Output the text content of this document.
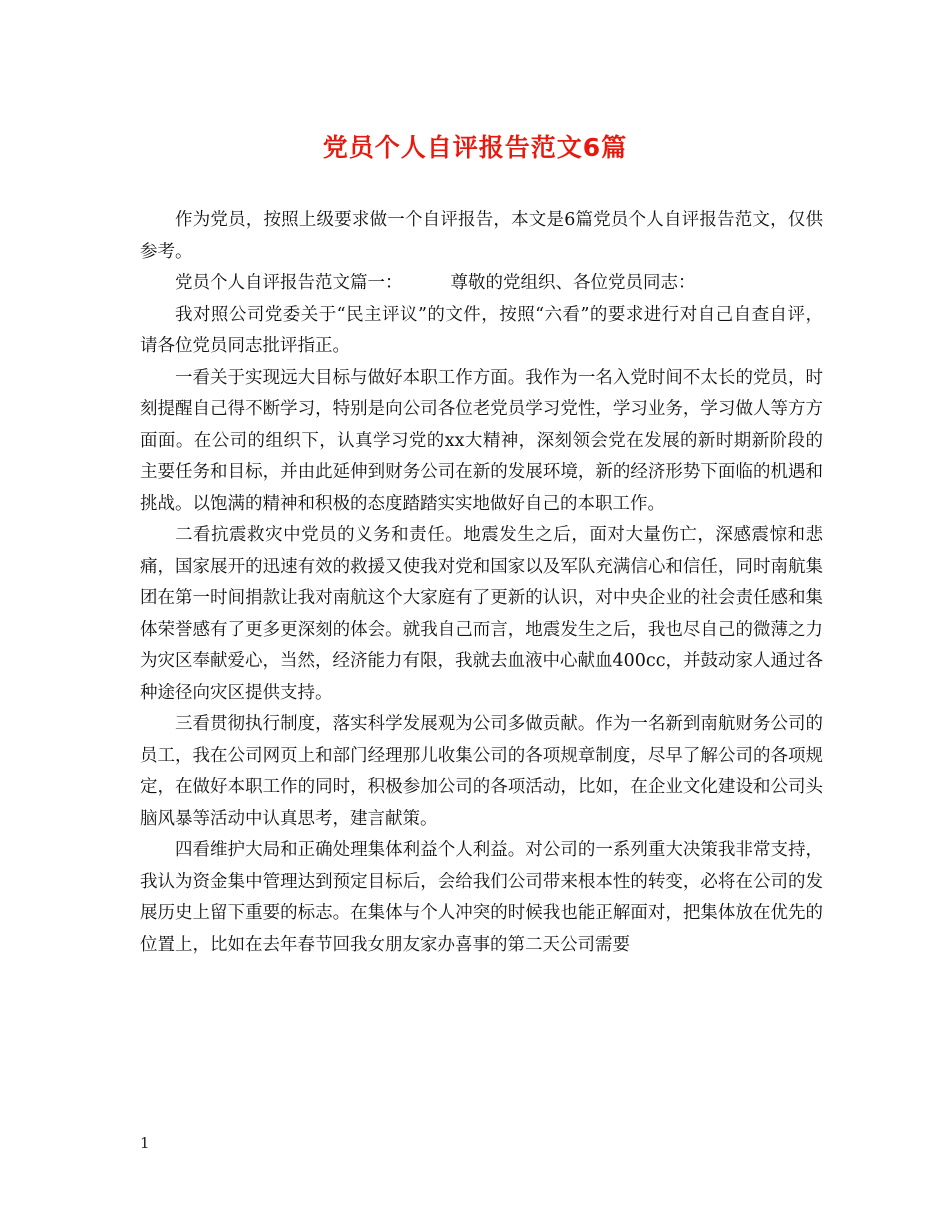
党员个人自评报告范文6篇

作为党员，按照上级要求做一个自评报告，本文是6篇党员个人自评报告范文，仅供参考。

党员个人自评报告范文篇一：	尊敬的党组织、各位党员同志：

我对照公司党委关于“民主评议”的文件，按照“六看”的要求进行对自己自查自评，请各位党员同志批评指正。

一看关于实现远大目标与做好本职工作方面。我作为一名入党时间不太长的党员，时刻提醒自己得不断学习，特别是向公司各位老党员学习党性，学习业务，学习做人等方方面面。在公司的组织下，认真学习党的xx大精神，深刻领会党在发展的新时期新阶段的主要任务和目标，并由此延伸到财务公司在新的发展环境，新的经济形势下面临的机遇和挑战。以饱满的精神和积极的态度踏踏实实地做好自己的本职工作。

二看抗震救灾中党员的义务和责任。地震发生之后，面对大量伤亡，深感震惊和悲痛，国家展开的迅速有效的救援又使我对党和国家以及军队充满信心和信任，同时南航集团在第一时间捐款让我对南航这个大家庭有了更新的认识，对中央企业的社会责任感和集体荣誉感有了更多更深刻的体会。就我自己而言，地震发生之后，我也尽自己的微薄之力为灾区奉献爱心，当然，经济能力有限，我就去血液中心献血400cc，并鼓动家人通过各种途径向灾区提供支持。

三看贯彻执行制度，落实科学发展观为公司多做贡献。作为一名新到南航财务公司的员工，我在公司网页上和部门经理那儿收集公司的各项规章制度，尽早了解公司的各项规定，在做好本职工作的同时，积极参加公司的各项活动，比如，在企业文化建设和公司头脑风暴等活动中认真思考，建言献策。

四看维护大局和正确处理集体利益个人利益。对公司的一系列重大决策我非常支持，我认为资金集中管理达到预定目标后，会给我们公司带来根本性的转变，必将在公司的发展历史上留下重要的标志。在集体与个人冲突的时候我也能正解面对，把集体放在优先的位置上，比如在去年春节回我女朋友家办喜事的第二天公司需要

1
